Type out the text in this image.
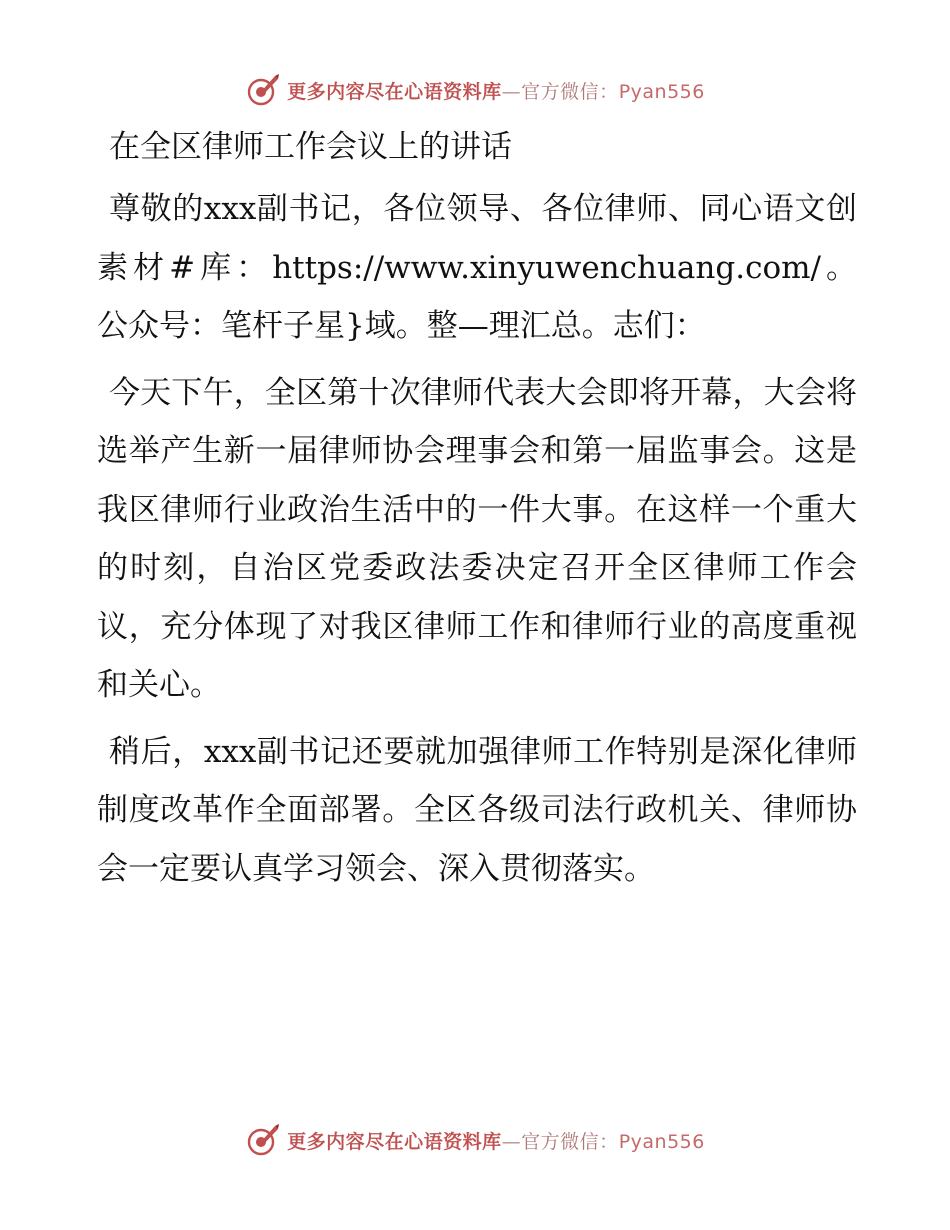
更多内容尽在心语资料库—官方微信：Pyan556
在全区律师工作会议上的讲话

尊敬的xxx副书记，各位领导、各位律师、同心语文创素材#库：https://www.xinyuwenchuang.com/。公众号：笔杆子星}域。整—理汇总。志们：

今天下午，全区第十次律师代表大会即将开幕，大会将选举产生新一届律师协会理事会和第一届监事会。这是我区律师行业政治生活中的一件大事。在这样一个重大的时刻，自治区党委政法委决定召开全区律师工作会议，充分体现了对我区律师工作和律师行业的高度重视和关心。

稍后，xxx副书记还要就加强律师工作特别是深化律师制度改革作全面部署。全区各级司法行政机关、律师协会一定要认真学习领会、深入贯彻落实。

更多内容尽在心语资料库—官方微信：Pyan556
